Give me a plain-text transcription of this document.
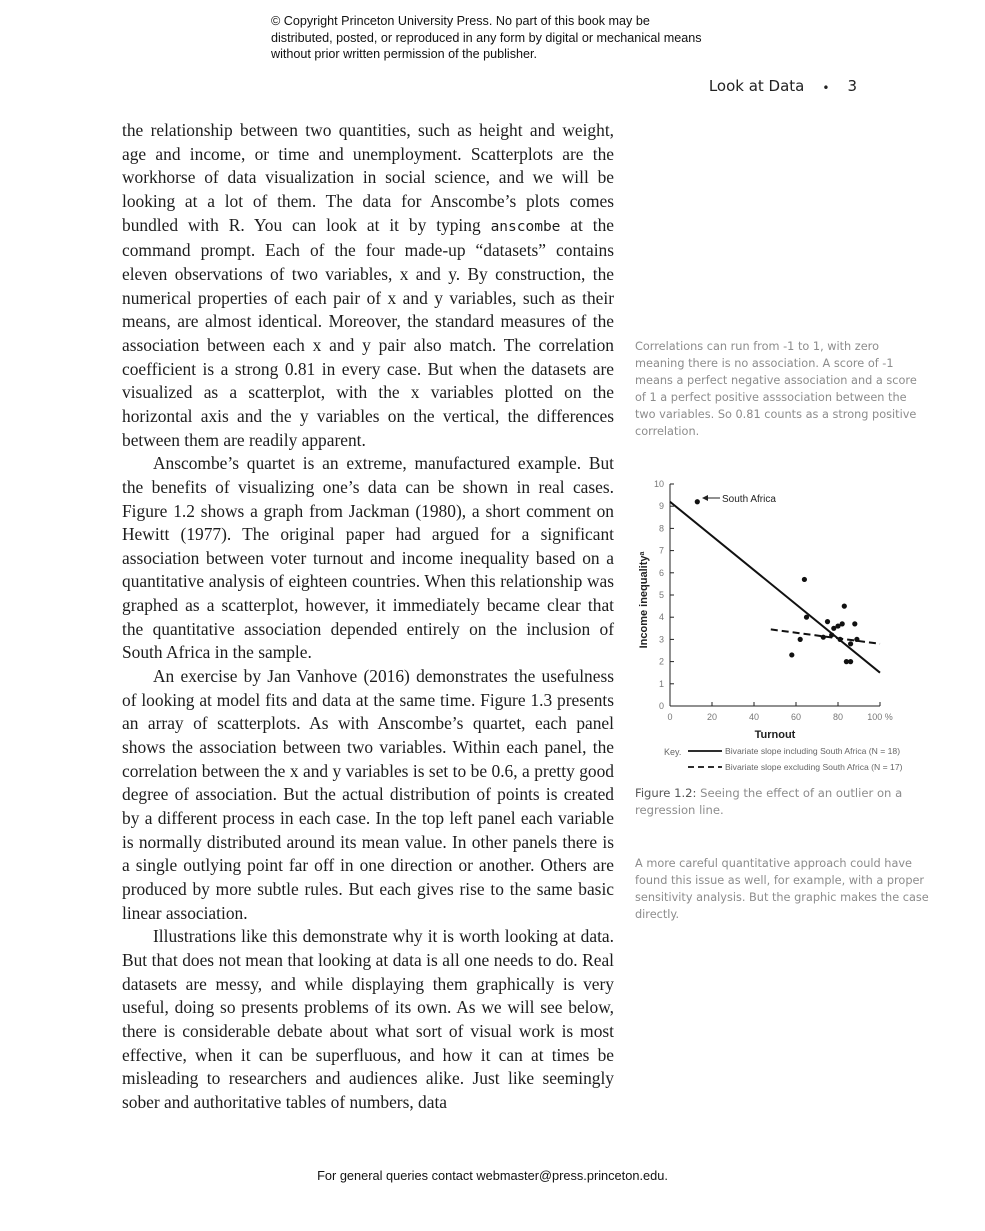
© Copyright Princeton University Press. No part of this book may be distributed, posted, or reproduced in any form by digital or mechanical means without prior written permission of the publisher.
Look at Data • 3

the relationship between two quantities, such as height and weight, age and income, or time and unemployment. Scatterplots are the workhorse of data visualization in social science, and we will be looking at a lot of them. The data for Anscombe’s plots comes bundled with R. You can look at it by typing anscombe at the command prompt. Each of the four made-up “datasets” contains eleven observations of two variables, x and y. By construction, the numerical properties of each pair of x and y variables, such as their means, are almost identical. Moreover, the standard measures of the association between each x and y pair also match. The correlation coefficient is a strong 0.81 in every case. But when the datasets are visualized as a scatterplot, with the x variables plotted on the horizontal axis and the y variables on the vertical, the differences between them are readily apparent.

Anscombe’s quartet is an extreme, manufactured example. But the benefits of visualizing one’s data can be shown in real cases. Figure 1.2 shows a graph from Jackman (1980), a short comment on Hewitt (1977). The original paper had argued for a significant association between voter turnout and income inequality based on a quantitative analysis of eighteen countries. When this relationship was graphed as a scatterplot, however, it immediately became clear that the quantitative association depended entirely on the inclusion of South Africa in the sample.

An exercise by Jan Vanhove (2016) demonstrates the usefulness of looking at model fits and data at the same time. Figure 1.3 presents an array of scatterplots. As with Anscombe’s quartet, each panel shows the association between two variables. Within each panel, the correlation between the x and y variables is set to be 0.6, a pretty good degree of association. But the actual distribution of points is created by a different process in each case. In the top left panel each variable is normally distributed around its mean value. In other panels there is a single outlying point far off in one direction or another. Others are produced by more subtle rules. But each gives rise to the same basic linear association.

Illustrations like this demonstrate why it is worth looking at data. But that does not mean that looking at data is all one needs to do. Real datasets are messy, and while displaying them graphically is very useful, doing so presents problems of its own. As we will see below, there is considerable debate about what sort of visual work is most effective, when it can be superfluous, and how it can at times be misleading to researchers and audiences alike. Just like seemingly sober and authoritative tables of numbers, data

Correlations can run from -1 to 1, with zero meaning there is no association. A score of -1 means a perfect negative association and a score of 1 a perfect positive asssociation between the two variables. So 0.81 counts as a strong positive correlation.
0
1
2
3
4
5
6
7
8
9
10
0	20	40	60	80	100 %
Income inequality$^a$
Turnout
South Africa
Key.	Bivariate slope including South Africa (N = 18)
Bivariate slope excluding South Africa (N = 17)
Figure 1.2: Seeing the effect of an outlier on a regression line.
A more careful quantitative approach could have found this issue as well, for example, with a proper sensitivity analysis. But the graphic makes the case directly.
For general queries contact webmaster@press.princeton.edu.
